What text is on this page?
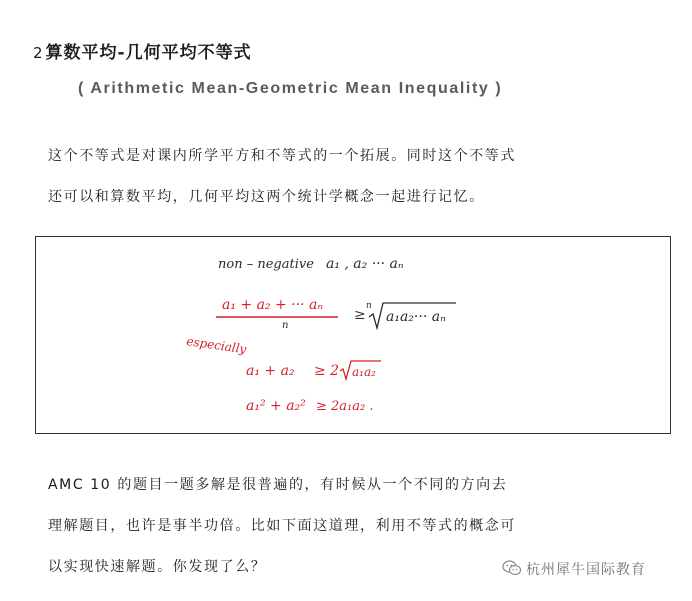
2 算数平均-几何平均不等式
( Arithmetic Mean-Geometric Mean Inequality )
这个不等式是对课内所学平方和不等式的一个拓展。同时这个不等式
还可以和算数平均，几何平均这两个统计学概念一起进行记忆。
non – negative a₁ , a₂ ··· aₙ
a₁ + a₂ + ··· aₙ
n
≥
n
a₁a₂··· aₙ
especially
a₁ + a₂ ≥ 2 a₁a₂
a₁² + a₂² ≥ 2a₁a₂ .
AMC 10 的题目一题多解是很普遍的，有时候从一个不同的方向去
理解题目，也许是事半功倍。比如下面这道理，利用不等式的概念可
以实现快速解题。你发现了么？	杭州犀牛国际教育
